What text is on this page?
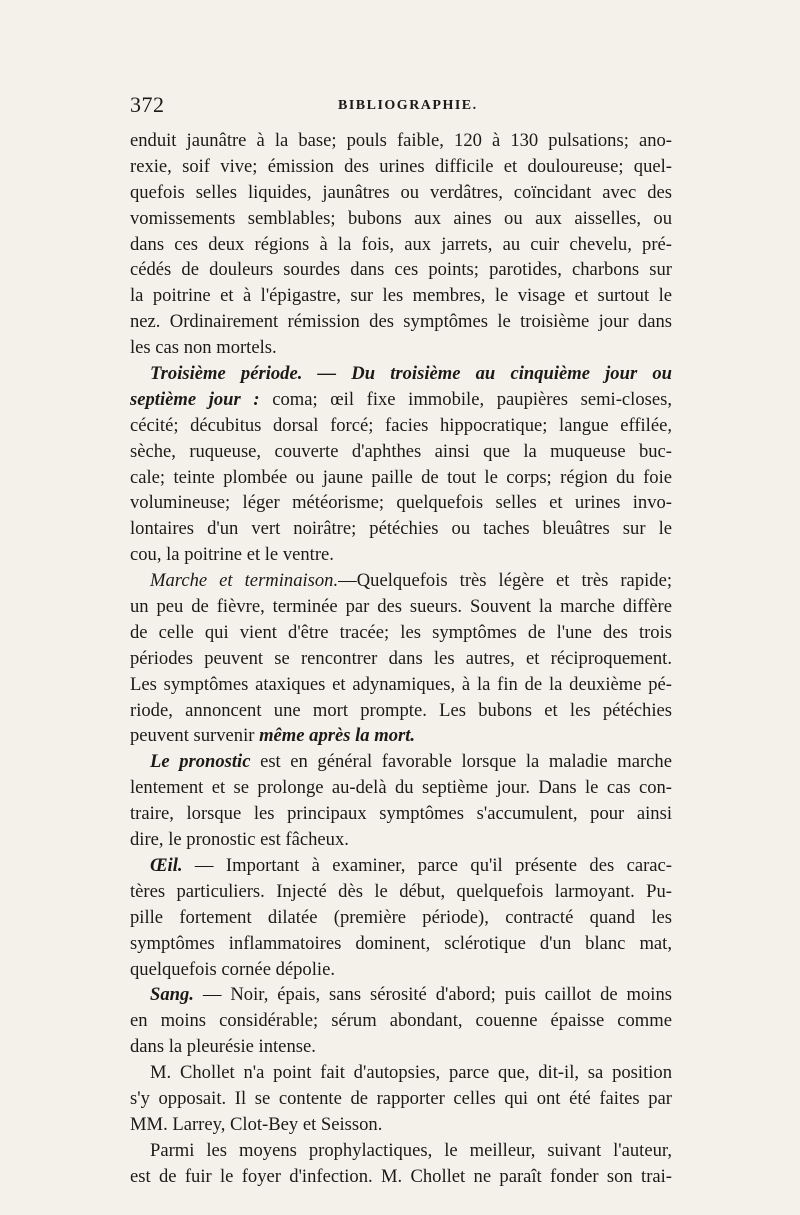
372	BIBLIOGRAPHIE.
enduit jaunâtre à la base; pouls faible, 120 à 130 pulsations; ano-
rexie, soif vive; émission des urines difficile et douloureuse; quel-
quefois selles liquides, jaunâtres ou verdâtres, coïncidant avec des
vomissements semblables; bubons aux aines ou aux aisselles, ou
dans ces deux régions à la fois, aux jarrets, au cuir chevelu, pré-
cédés de douleurs sourdes dans ces points; parotides, charbons sur
la poitrine et à l'épigastre, sur les membres, le visage et surtout le
nez. Ordinairement rémission des symptômes le troisième jour dans
les cas non mortels.
Troisième période. — Du troisième au cinquième jour ou
septième jour : coma; œil fixe immobile, paupières semi-closes,
cécité; décubitus dorsal forcé; facies hippocratique; langue effilée,
sèche, ruqueuse, couverte d'aphthes ainsi que la muqueuse buc-
cale; teinte plombée ou jaune paille de tout le corps; région du foie
volumineuse; léger météorisme; quelquefois selles et urines invo-
lontaires d'un vert noirâtre; pétéchies ou taches bleuâtres sur le
cou, la poitrine et le ventre.
Marche et terminaison.—Quelquefois très légère et très rapide;
un peu de fièvre, terminée par des sueurs. Souvent la marche diffère
de celle qui vient d'être tracée; les symptômes de l'une des trois
périodes peuvent se rencontrer dans les autres, et réciproquement.
Les symptômes ataxiques et adynamiques, à la fin de la deuxième pé-
riode, annoncent une mort prompte. Les bubons et les pétéchies
peuvent survenir même après la mort.
Le pronostic est en général favorable lorsque la maladie marche
lentement et se prolonge au-delà du septième jour. Dans le cas con-
traire, lorsque les principaux symptômes s'accumulent, pour ainsi
dire, le pronostic est fâcheux.
Œil. — Important à examiner, parce qu'il présente des carac-
tères particuliers. Injecté dès le début, quelquefois larmoyant. Pu-
pille fortement dilatée (première période), contracté quand les
symptômes inflammatoires dominent, sclérotique d'un blanc mat,
quelquefois cornée dépolie.
Sang. — Noir, épais, sans sérosité d'abord; puis caillot de moins
en moins considérable; sérum abondant, couenne épaisse comme
dans la pleurésie intense.
M. Chollet n'a point fait d'autopsies, parce que, dit-il, sa position
s'y opposait. Il se contente de rapporter celles qui ont été faites par
MM. Larrey, Clot-Bey et Seisson.
Parmi les moyens prophylactiques, le meilleur, suivant l'auteur,
est de fuir le foyer d'infection. M. Chollet ne paraît fonder son trai-
